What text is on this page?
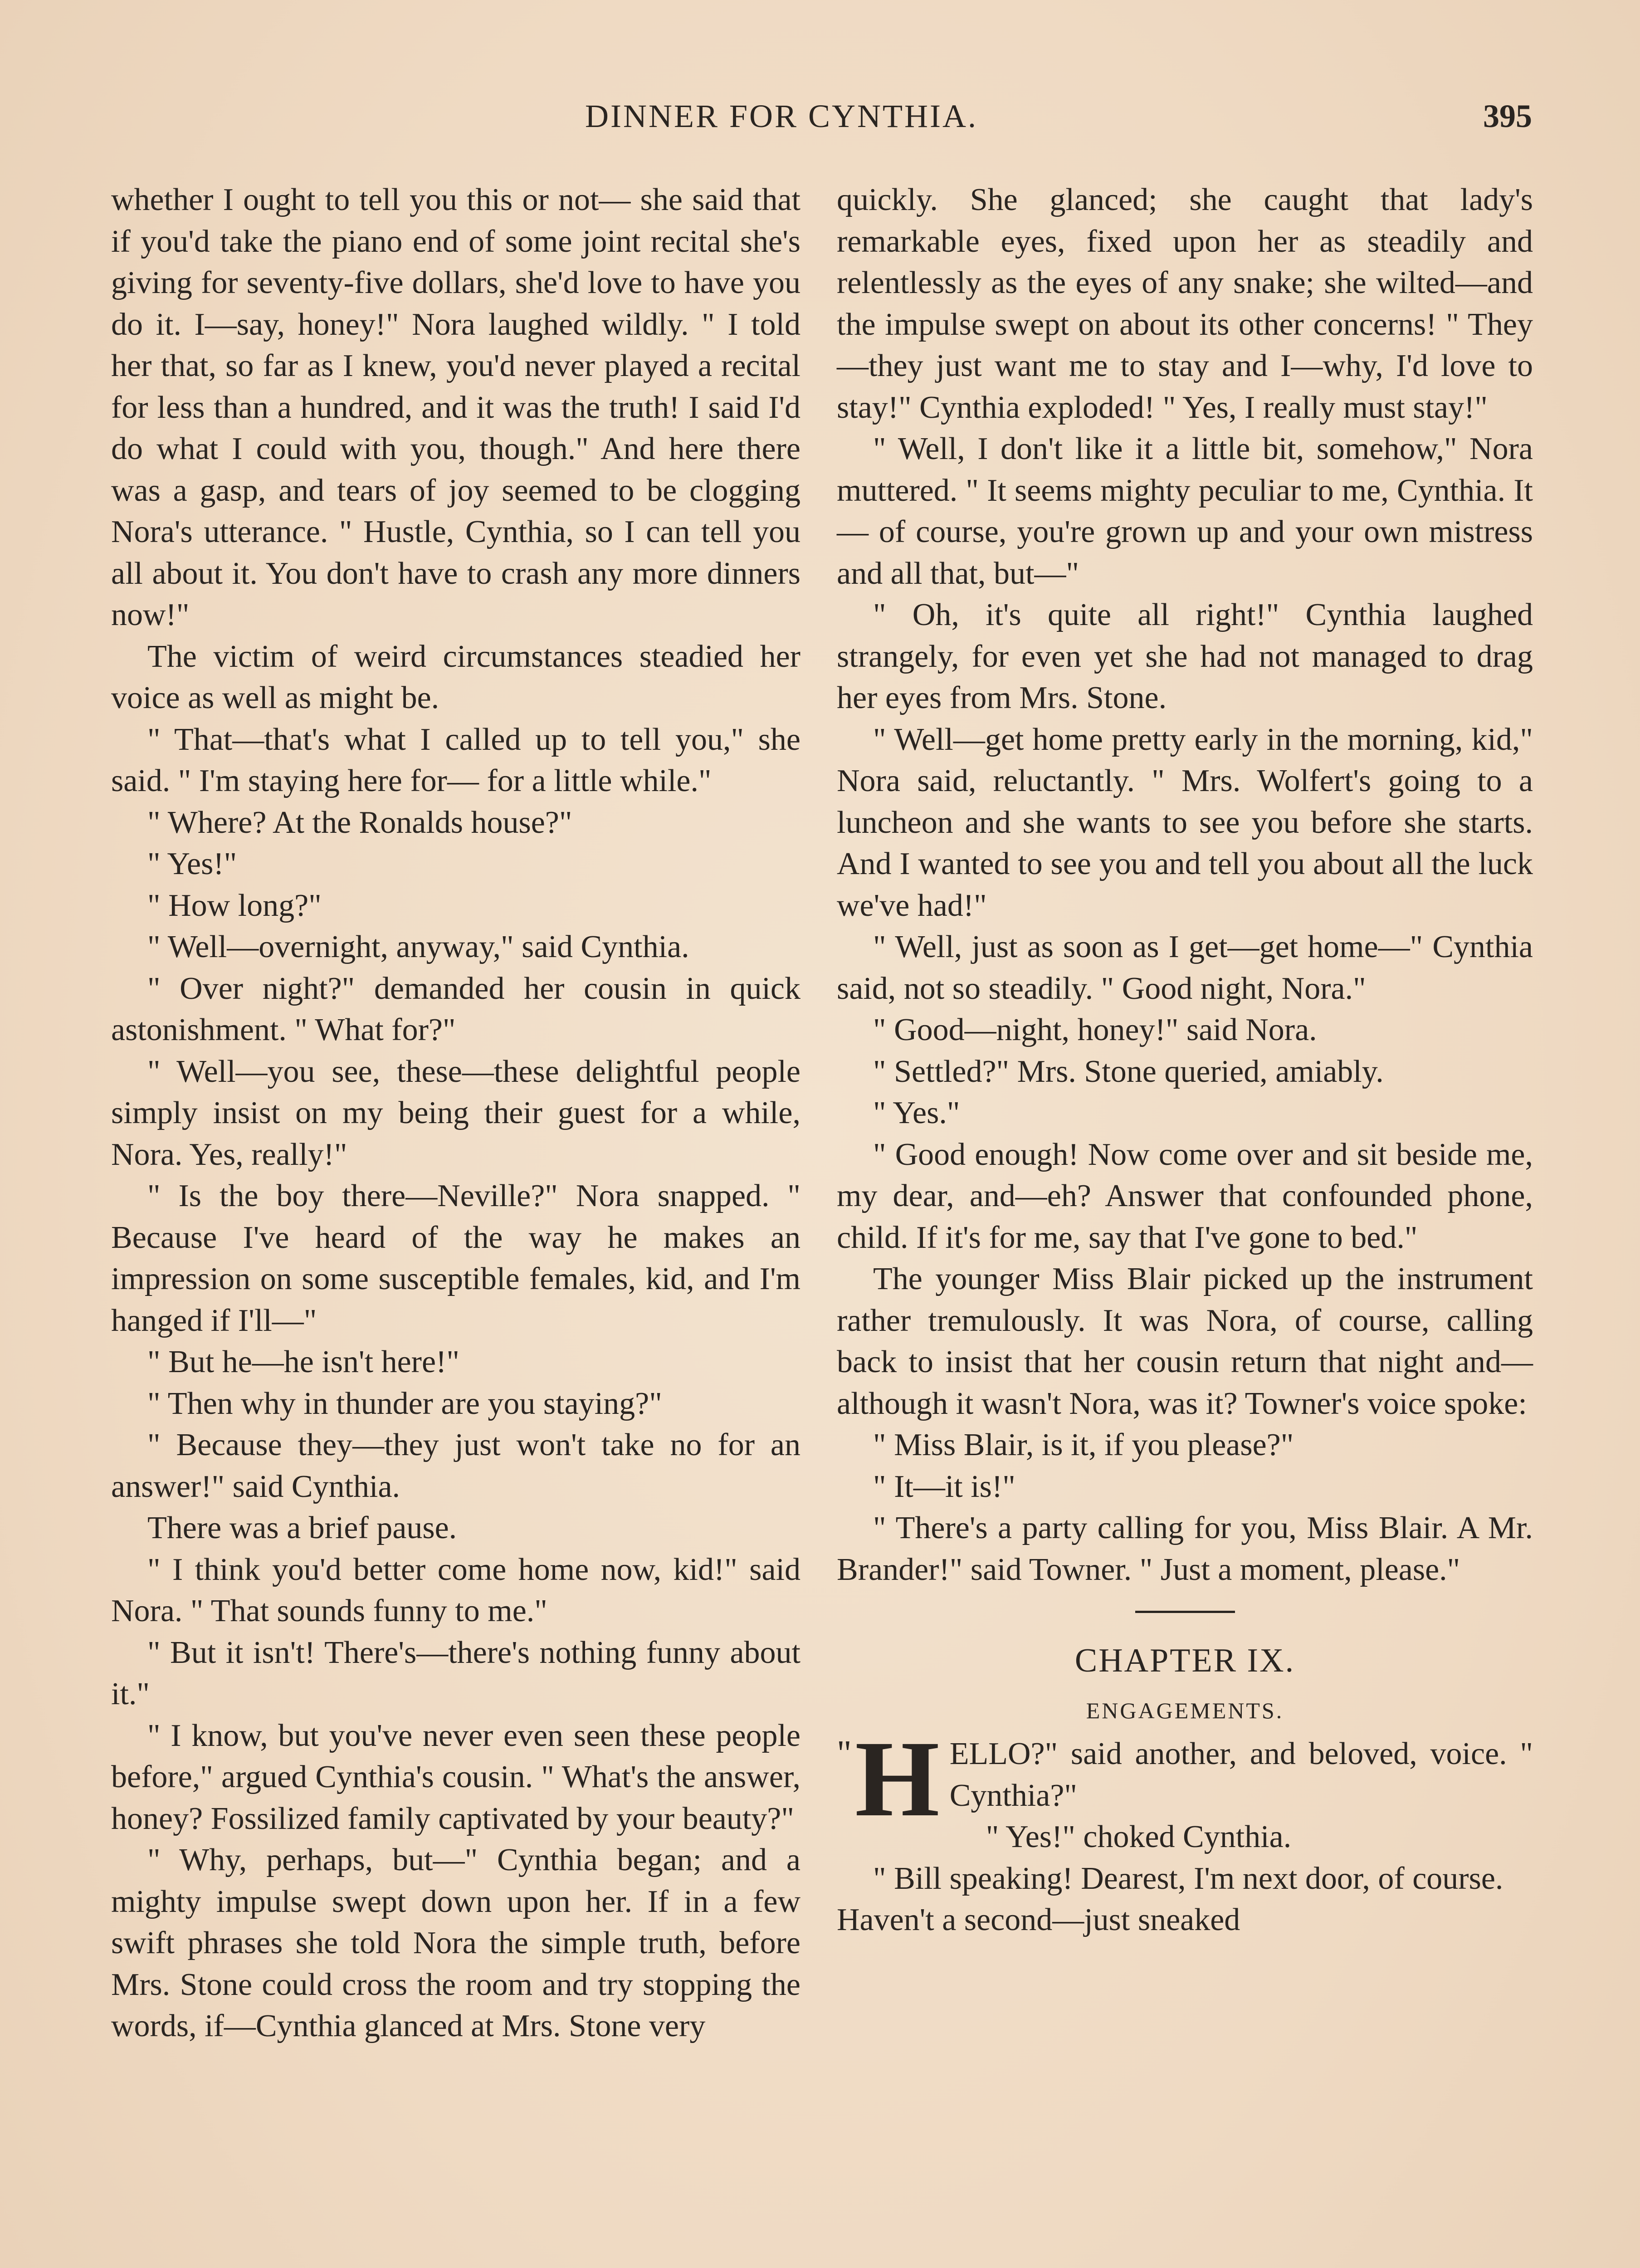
DINNER FOR CYNTHIA.	395

whether I ought to tell you this or not— she said that if you'd take the piano end of some joint recital she's giving for seventy-five dollars, she'd love to have you do it. I—say, honey!" Nora laughed wildly. " I told her that, so far as I knew, you'd never played a recital for less than a hundred, and it was the truth! I said I'd do what I could with you, though." And here there was a gasp, and tears of joy seemed to be clogging Nora's utterance. " Hustle, Cynthia, so I can tell you all about it. You don't have to crash any more dinners now!"

The victim of weird circumstances steadied her voice as well as might be.

" That—that's what I called up to tell you," she said. " I'm staying here for— for a little while."

" Where? At the Ronalds house?"

" Yes!"

" How long?"

" Well—overnight, anyway," said Cynthia.

" Over night?" demanded her cousin in quick astonishment. " What for?"

" Well—you see, these—these delightful people simply insist on my being their guest for a while, Nora. Yes, really!"

" Is the boy there—Neville?" Nora snapped. " Because I've heard of the way he makes an impression on some susceptible females, kid, and I'm hanged if I'll—"

" But he—he isn't here!"

" Then why in thunder are you staying?"

" Because they—they just won't take no for an answer!" said Cynthia.

There was a brief pause.

" I think you'd better come home now, kid!" said Nora. " That sounds funny to me."

" But it isn't! There's—there's nothing funny about it."

" I know, but you've never even seen these people before," argued Cynthia's cousin. " What's the answer, honey? Fossilized family captivated by your beauty?"

" Why, perhaps, but—" Cynthia began; and a mighty impulse swept down upon her. If in a few swift phrases she told Nora the simple truth, before Mrs. Stone could cross the room and try stopping the words, if—Cynthia glanced at Mrs. Stone very

quickly. She glanced; she caught that lady's remarkable eyes, fixed upon her as steadily and relentlessly as the eyes of any snake; she wilted—and the impulse swept on about its other concerns! " They—they just want me to stay and I—why, I'd love to stay!" Cynthia exploded! " Yes, I really must stay!"

" Well, I don't like it a little bit, somehow," Nora muttered. " It seems mighty peculiar to me, Cynthia. It — of course, you're grown up and your own mistress and all that, but—"

" Oh, it's quite all right!" Cynthia laughed strangely, for even yet she had not managed to drag her eyes from Mrs. Stone.

" Well—get home pretty early in the morning, kid," Nora said, reluctantly. " Mrs. Wolfert's going to a luncheon and she wants to see you before she starts. And I wanted to see you and tell you about all the luck we've had!"

" Well, just as soon as I get—get home—" Cynthia said, not so steadily. " Good night, Nora."

" Good—night, honey!" said Nora.

" Settled?" Mrs. Stone queried, amiably.

" Yes."

" Good enough! Now come over and sit beside me, my dear, and—eh? Answer that confounded phone, child. If it's for me, say that I've gone to bed."

The younger Miss Blair picked up the instrument rather tremulously. It was Nora, of course, calling back to insist that her cousin return that night and—although it wasn't Nora, was it? Towner's voice spoke:

" Miss Blair, is it, if you please?"

" It—it is!"

" There's a party calling for you, Miss Blair. A Mr. Brander!" said Towner. " Just a moment, please."

CHAPTER IX.
ENGAGEMENTS.
" H ELLO?" said another, and beloved, voice. " Cynthia?"

" Yes!" choked Cynthia.

" Bill speaking! Dearest, I'm next door, of course. Haven't a second—just sneaked
